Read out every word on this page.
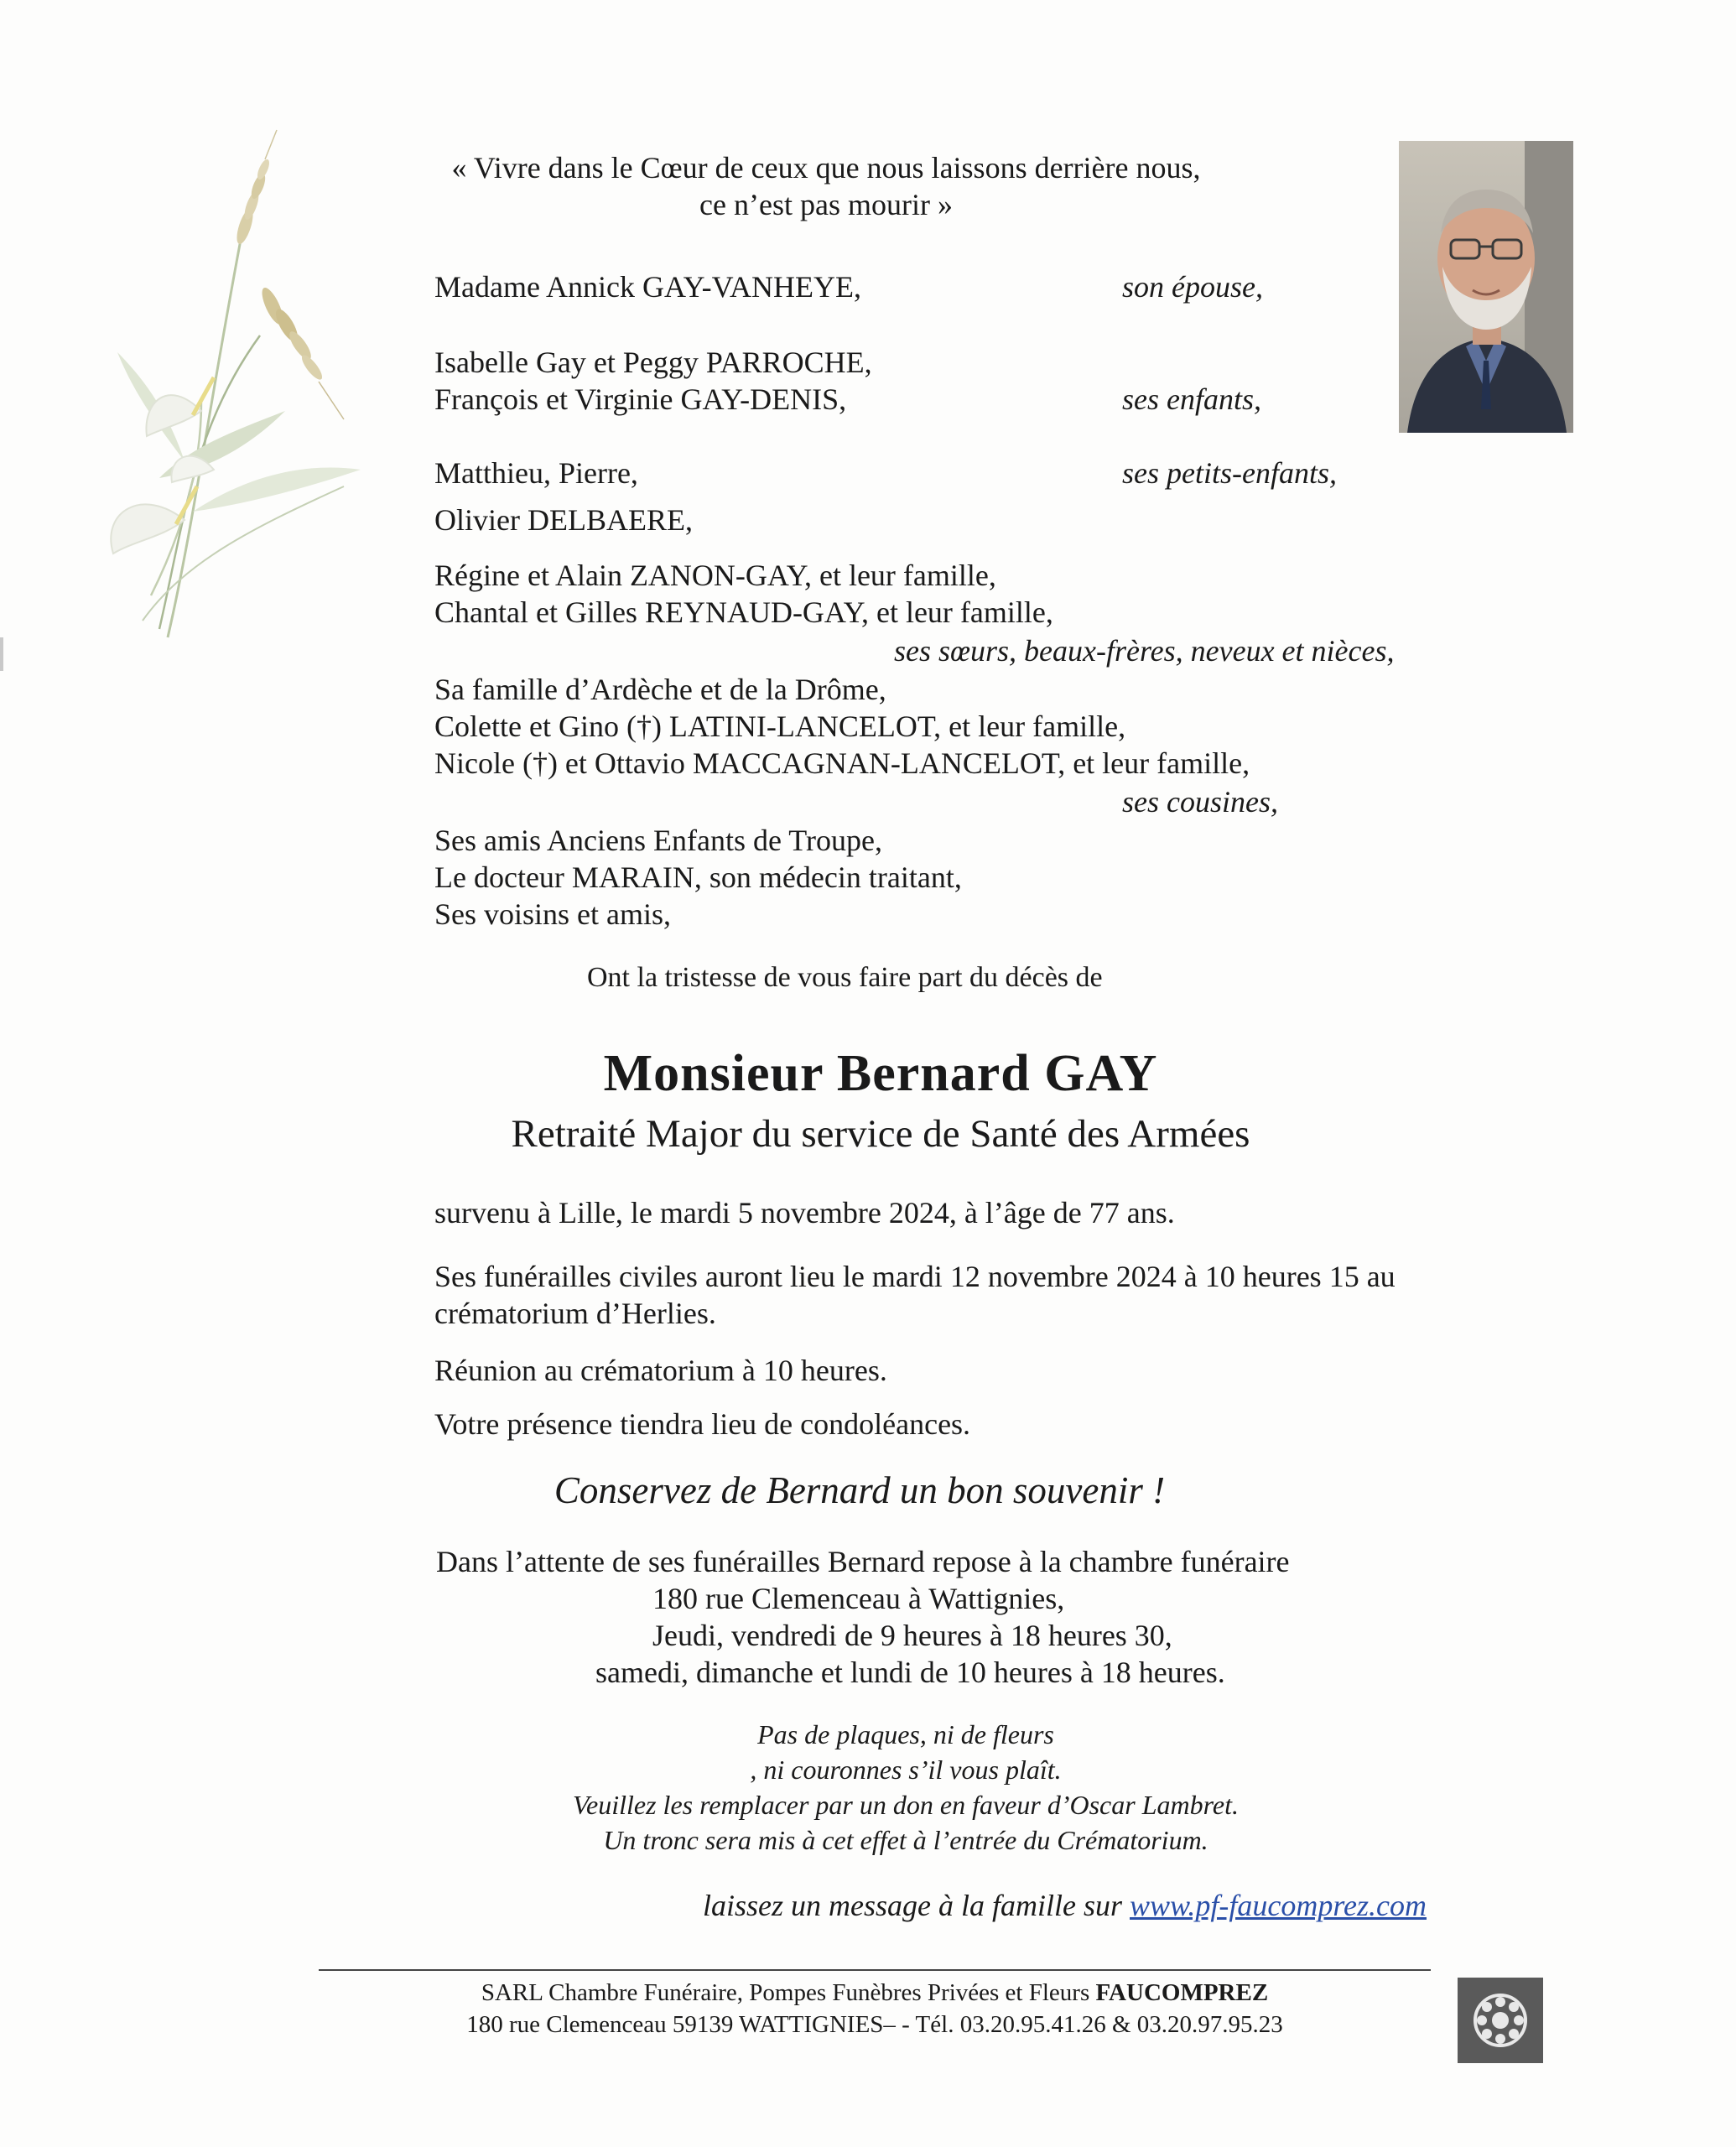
« Vivre dans le Cœur de ceux que nous laissons derrière nous,
ce n’est pas mourir »
Madame Annick GAY-VANHEYE,	son épouse,
Isabelle Gay et Peggy PARROCHE,
François et Virginie GAY-DENIS,	ses enfants,
Matthieu, Pierre,	ses petits-enfants,
Olivier DELBAERE,
Régine et Alain ZANON-GAY, et leur famille,
Chantal et Gilles REYNAUD-GAY, et leur famille,
ses sœurs, beaux-frères, neveux et nièces,
Sa famille d’Ardèche et de la Drôme,
Colette et Gino (†) LATINI-LANCELOT, et leur famille,
Nicole (†) et Ottavio MACCAGNAN-LANCELOT, et leur famille,
ses cousines,
Ses amis Anciens Enfants de Troupe,
Le docteur MARAIN, son médecin traitant,
Ses voisins et amis,
Ont la tristesse de vous faire part du décès de
Monsieur Bernard GAY
Retraité Major du service de Santé des Armées
survenu à Lille, le mardi 5 novembre 2024, à l’âge de 77 ans.
Ses funérailles civiles auront lieu le mardi 12 novembre 2024 à 10 heures 15 au
crématorium d’Herlies.
Réunion au crématorium à 10 heures.
Votre présence tiendra lieu de condoléances.
Conservez de Bernard un bon souvenir !
Dans l’attente de ses funérailles Bernard repose à la chambre funéraire
180 rue Clemenceau à Wattignies,
Jeudi, vendredi de 9 heures à 18 heures 30,
samedi, dimanche et lundi de 10 heures à 18 heures.
Pas de plaques, ni de fleurs
, ni couronnes s’il vous plaît.
Veuillez les remplacer par un don en faveur d’Oscar Lambret.
Un tronc sera mis à cet effet à l’entrée du Crématorium.
laissez un message à la famille sur www.pf-faucomprez.com
SARL Chambre Funéraire, Pompes Funèbres Privées et Fleurs FAUCOMPREZ
180 rue Clemenceau 59139 WATTIGNIES– - Tél. 03.20.95.41.26 & 03.20.97.95.23
